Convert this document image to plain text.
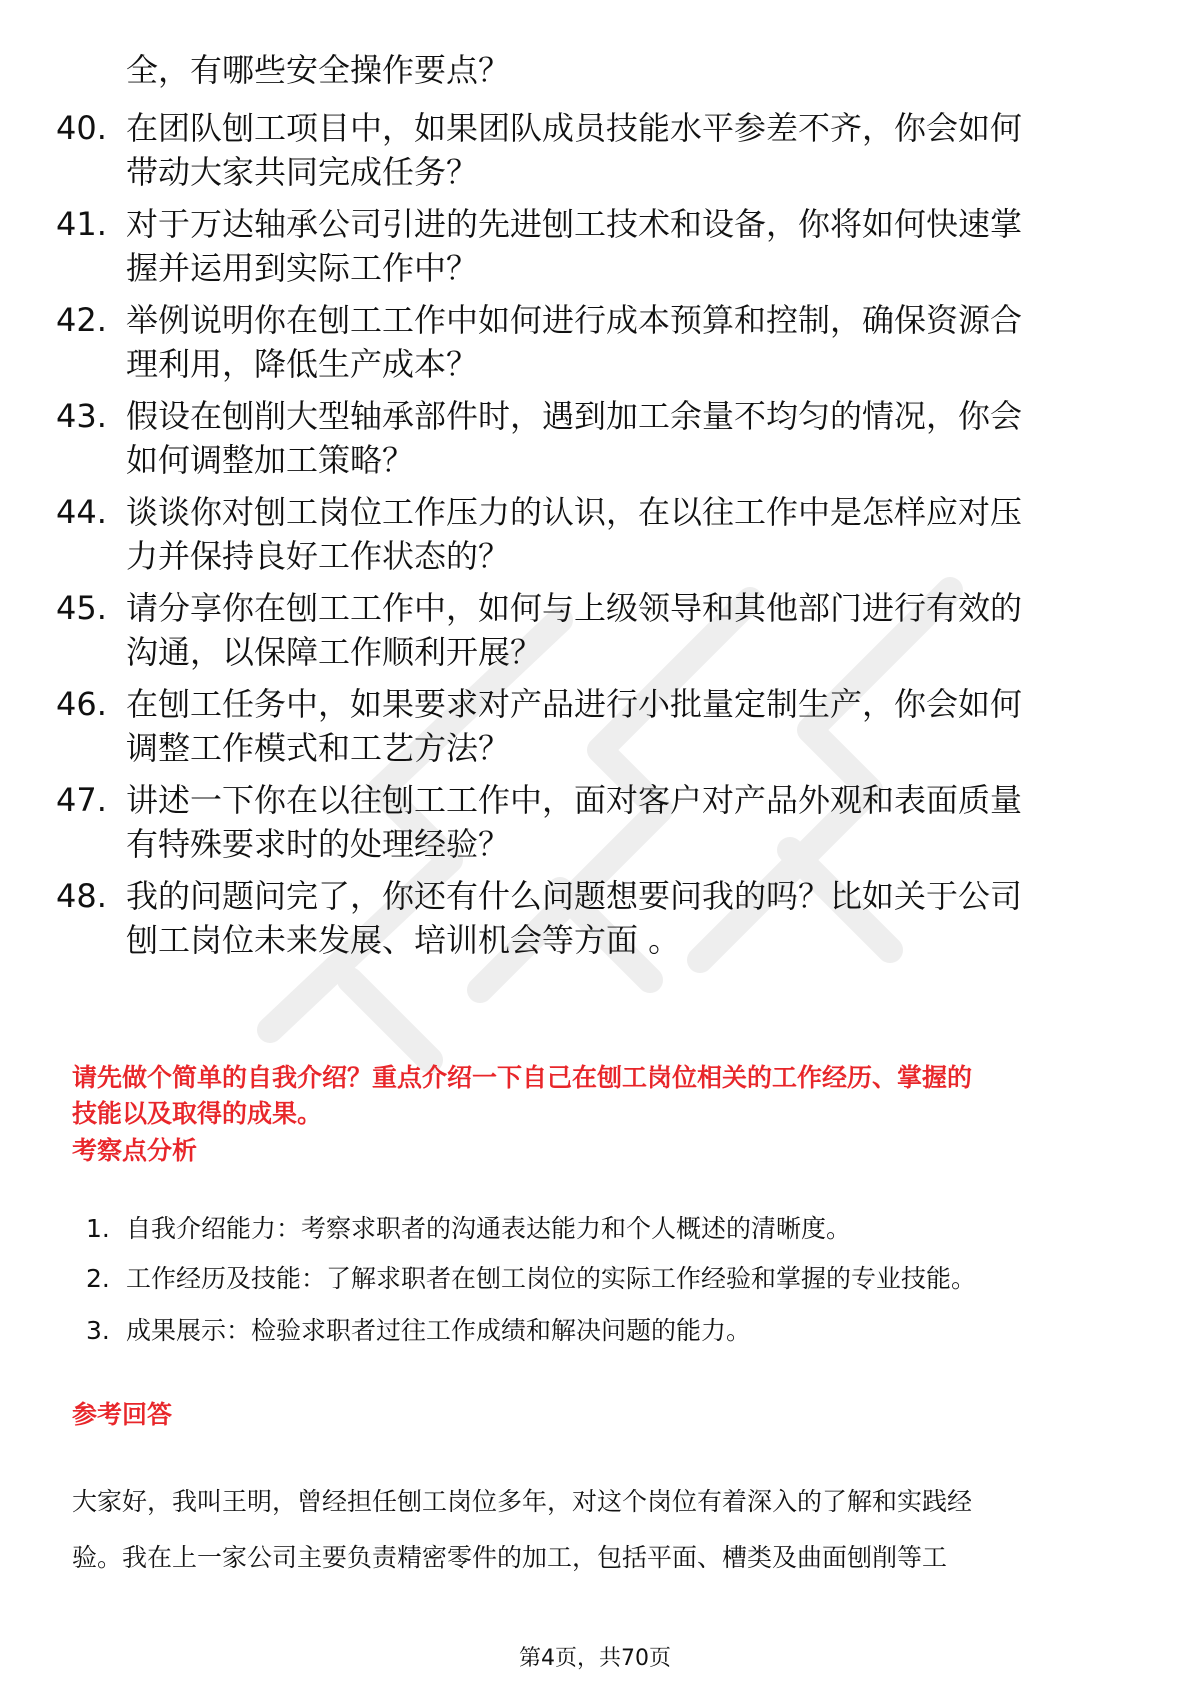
全，有哪些安全操作要点？
40. 在团队刨工项目中，如果团队成员技能水平参差不齐，你会如何
带动大家共同完成任务？
41. 对于万达轴承公司引进的先进刨工技术和设备，你将如何快速掌
握并运用到实际工作中？
42. 举例说明你在刨工工作中如何进行成本预算和控制，确保资源合
理利用，降低生产成本？
43. 假设在刨削大型轴承部件时，遇到加工余量不均匀的情况，你会
如何调整加工策略？
44. 谈谈你对刨工岗位工作压力的认识，在以往工作中是怎样应对压
力并保持良好工作状态的？
45. 请分享你在刨工工作中，如何与上级领导和其他部门进行有效的
沟通，以保障工作顺利开展？
46. 在刨工任务中，如果要求对产品进行小批量定制生产，你会如何
调整工作模式和工艺方法？
47. 讲述一下你在以往刨工工作中，面对客户对产品外观和表面质量
有特殊要求时的处理经验？
48. 我的问题问完了，你还有什么问题想要问我的吗？比如关于公司
刨工岗位未来发展、培训机会等方面 。
请先做个简单的自我介绍？重点介绍一下自己在刨工岗位相关的工作经历、掌握的
技能以及取得的成果。
考察点分析
1. 自我介绍能力：考察求职者的沟通表达能力和个人概述的清晰度。
2. 工作经历及技能：了解求职者在刨工岗位的实际工作经验和掌握的专业技能。
3. 成果展示：检验求职者过往工作成绩和解决问题的能力。
参考回答
大家好，我叫王明，曾经担任刨工岗位多年，对这个岗位有着深入的了解和实践经
验。我在上一家公司主要负责精密零件的加工，包括平面、槽类及曲面刨削等工
第4页，共70页
